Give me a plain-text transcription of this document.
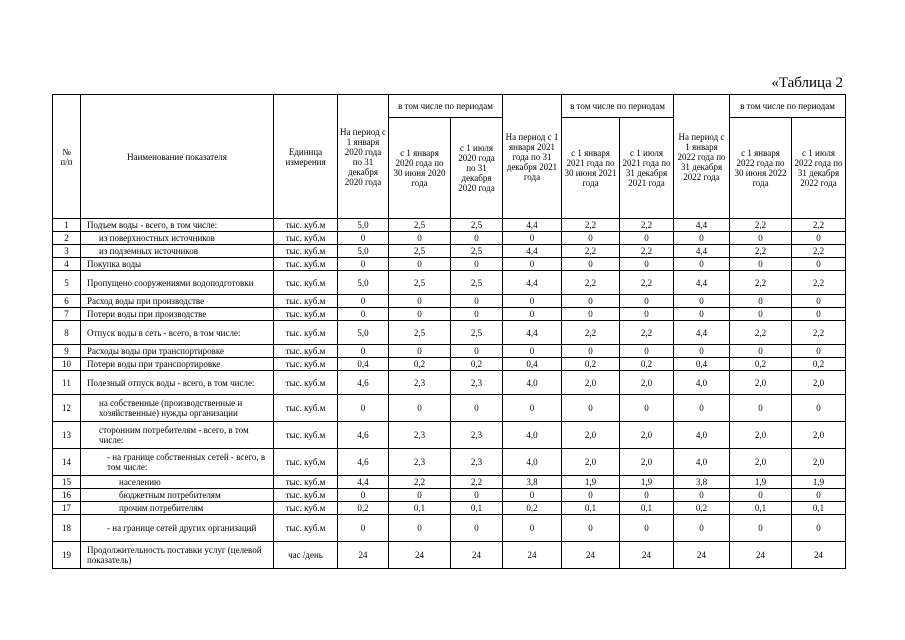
«Таблица 2
№
п/п	Наименование показателя	Единица измерения	На период с 1 января 2020 года по 31 декабря 2020 года	в том числе по периодам		На период с 1 января 2021 года по 31 декабря 2021 года	в том числе по периодам		На период с 1 января 2022 года по 31 декабря 2022 года	в том числе по периодам	
				с 1 января 2020 года по 30 июня 2020 года	с 1 июля 2020 года по 31 декабря 2020 года		с 1 января 2021 года по 30 июня 2021 года	с 1 июля 2021 года по 31 декабря 2021 года		с 1 января 2022 года по 30 июня 2022 года	с 1 июля 2022 года по 31 декабря 2022 года
1	Подъем воды - всего, в том числе:	тыс. куб.м	5,0	2,5	2,5	4,4	2,2	2,2	4,4	2,2	2,2
2	из поверхностных источников	тыс. куб.м	0	0	0	0	0	0	0	0	0
3	из подземных источников	тыс. куб.м	5,0	2,5	2,5	4,4	2,2	2,2	4,4	2,2	2,2
4	Покупка воды	тыс. куб.м	0	0	0	0	0	0	0	0	0
5	Пропущено сооружениями водоподготовки	тыс. куб.м	5,0	2,5	2,5	4,4	2,2	2,2	4,4	2,2	2,2
6	Расход воды при производстве	тыс. куб.м	0	0	0	0	0	0	0	0	0
7	Потери воды при производстве	тыс. куб.м	0	0	0	0	0	0	0	0	0
8	Отпуск воды в сеть - всего, в том числе:	тыс. куб.м	5,0	2,5	2,5	4,4	2,2	2,2	4,4	2,2	2,2
9	Расходы воды при транспортировке	тыс. куб.м	0	0	0	0	0	0	0	0	0
10	Потери воды при транспортировке	тыс. куб.м	0,4	0,2	0,2	0,4	0,2	0,2	0,4	0,2	0,2
11	Полезный отпуск воды - всего, в том числе:	тыс. куб.м	4,6	2,3	2,3	4,0	2,0	2,0	4,0	2,0	2,0
12	на собственные (производственные и хозяйственные) нужды организации	тыс. куб.м	0	0	0	0	0	0	0	0	0
13	сторонним потребителям - всего, в том числе:	тыс. куб.м	4,6	2,3	2,3	4,0	2,0	2,0	4,0	2,0	2,0
14	- на границе собственных сетей - всего, в том числе:	тыс. куб.м	4,6	2,3	2,3	4,0	2,0	2,0	4,0	2,0	2,0
15	населению	тыс. куб.м	4,4	2,2	2,2	3,8	1,9	1,9	3,8	1,9	1,9
16	бюджетным потребителям	тыс. куб.м	0	0	0	0	0	0	0	0	0
17	прочим потребителям	тыс. куб.м	0,2	0,1	0,1	0,2	0,1	0,1	0,2	0,1	0,1
18	- на границе сетей других организаций	тыс. куб.м	0	0	0	0	0	0	0	0	0
19	Продолжительность поставки услуг (целевой показатель)	час /день	24	24	24	24	24	24	24	24	24
